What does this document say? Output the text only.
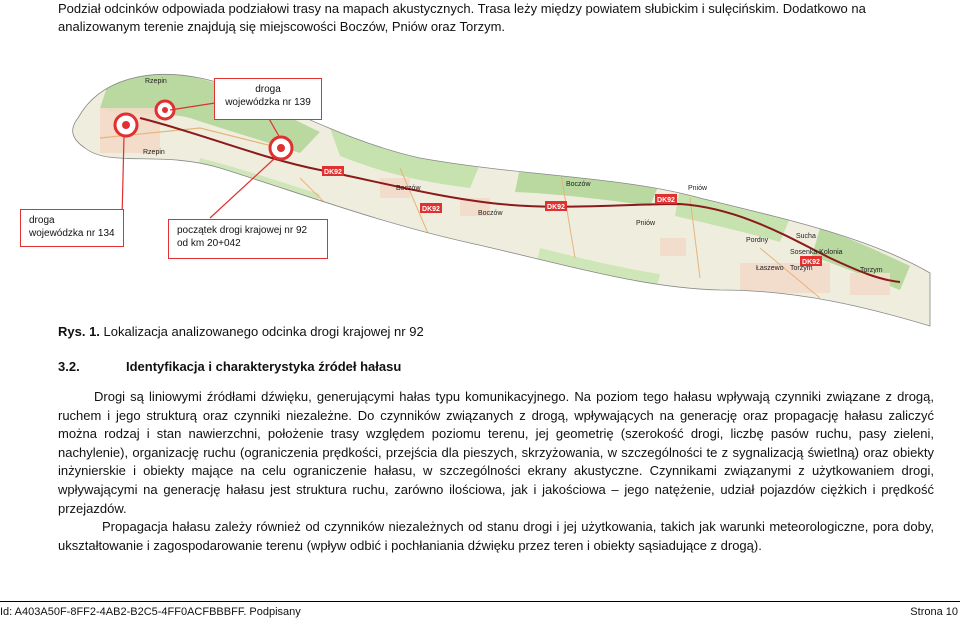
Podział odcinków odpowiada podziałowi trasy na mapach akustycznych. Trasa leży między powiatem słubickim i sulęcińskim. Dodatkowo na analizowanym terenie znajdują się miejscowości Boczów, Pniów oraz Torzym.

DK92
DK92	DK92
DK92
DK92
Rzepin
Rzepin
Boczów
Boczów
Boczów
Pniów
Pniów
Pordny
Sucha
Łaszewo Torzym	Torzym
Sosenka Kolonia
droga
wojewódzka nr 139
droga
wojewódzka nr 134	początek drogi krajowej nr 92
od km 20+042

Rys. 1. Lokalizacja analizowanego odcinka drogi krajowej nr 92

3.2.	Identyfikacja i charakterystyka źródeł hałasu

Drogi są liniowymi źródłami dźwięku, generującymi hałas typu komunikacyjnego. Na poziom tego hałasu wpływają czynniki związane z drogą, ruchem i jego strukturą oraz czynniki niezależne. Do czynników związanych z drogą, wpływających na generację oraz propagację hałasu zaliczyć można rodzaj i stan nawierzchni, położenie trasy względem poziomu terenu, jej geometrię (szerokość drogi, liczbę pasów ruchu, pasy zieleni, nachylenie), organizację ruchu (ograniczenia prędkości, przejścia dla pieszych, skrzyżowania, w szczególności te z sygnalizacją świetlną) oraz obiekty inżynierskie i obiekty mające na celu ograniczenie hałasu, w szczególności ekrany akustyczne. Czynnikami związanymi z użytkowaniem drogi, wpływającymi na generację hałasu jest struktura ruchu, zarówno ilościowa, jak i jakościowa – jego natężenie, udział pojazdów ciężkich i prędkość przejazdów.

Propagacja hałasu zależy również od czynników niezależnych od stanu drogi i jej użytkowania, takich jak warunki meteorologiczne, pora doby, ukształtowanie i zagospodarowanie terenu (wpływ odbić i pochłaniania dźwięku przez teren i obiekty sąsiadujące z drogą).

Id: A403A50F-8FF2-4AB2-B2C5-4FF0ACFBBBFF. Podpisany	Strona 10
